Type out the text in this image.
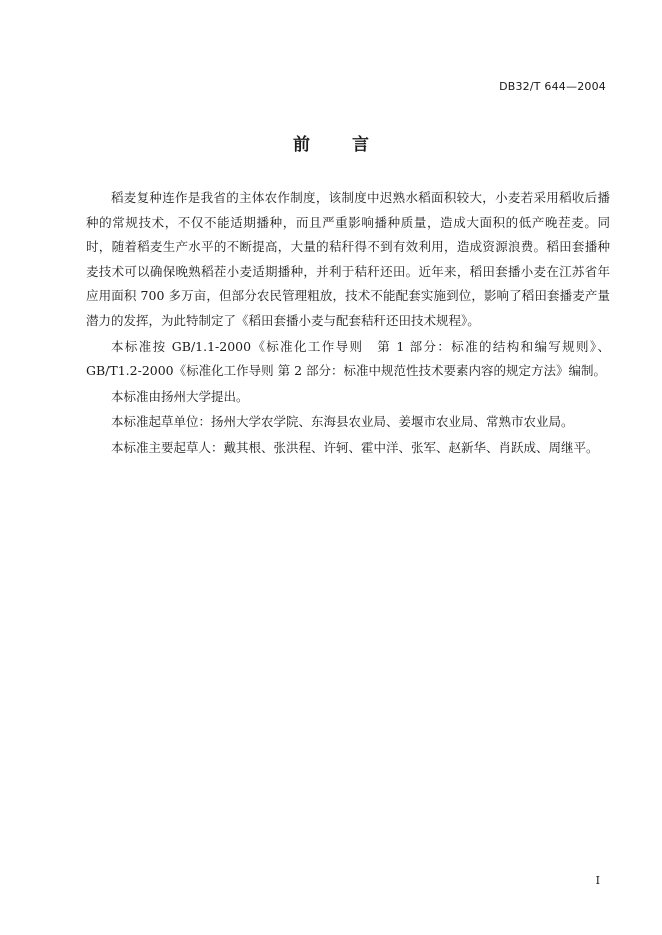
DB32/T 644—2004
前 言

稻麦复种连作是我省的主体农作制度，该制度中迟熟水稻面积较大，小麦若采用稻收后播种的常规技术，不仅不能适期播种，而且严重影响播种质量，造成大面积的低产晚茬麦。同时，随着稻麦生产水平的不断提高，大量的秸秆得不到有效利用，造成资源浪费。稻田套播种麦技术可以确保晚熟稻茬小麦适期播种，并利于秸秆还田。近年来，稻田套播小麦在江苏省年应用面积 700 多万亩，但部分农民管理粗放，技术不能配套实施到位，影响了稻田套播麦产量潜力的发挥，为此特制定了《稻田套播小麦与配套秸秆还田技术规程》。

本标准按 GB/1.1-2000《标准化工作导则　第 1 部分：标准的结构和编写规则》、GB/T1.2-2000《标准化工作导则 第 2 部分：标准中规范性技术要素内容的规定方法》编制。

本标准由扬州大学提出。

本标准起草单位：扬州大学农学院、东海县农业局、姜堰市农业局、常熟市农业局。

本标准主要起草人：戴其根、张洪程、许轲、霍中洋、张军、赵新华、肖跃成、周继平。

I
